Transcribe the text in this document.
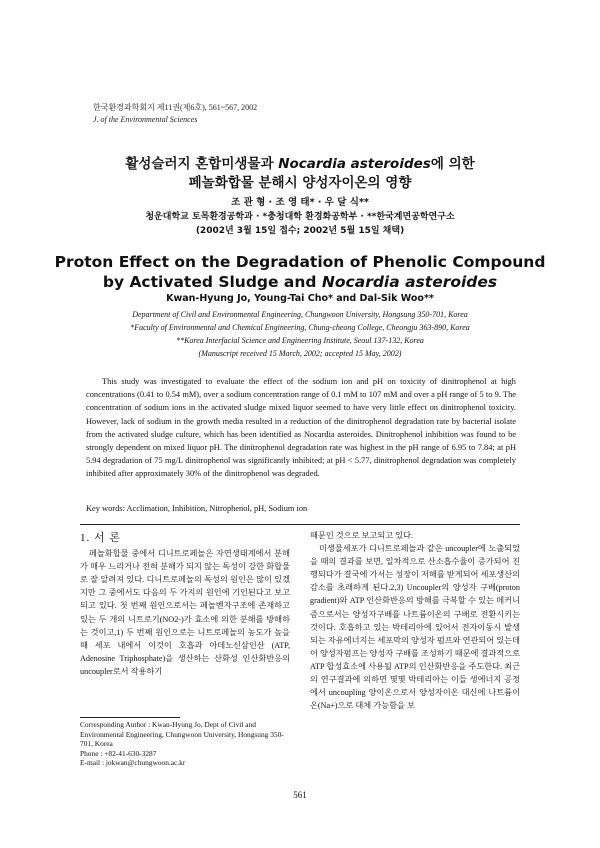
한국환경과학회지 제11권(제6호), 561~567, 2002
J. of the Environmental Sciences
활성슬러지 혼합미생물과 Nocardia asteroides에 의한
페놀화합물 분해시 양성자이온의 영향
조 관 형 · 조 영 태* · 우 달 식**
청운대학교 토목환경공학과 · *충청대학 환경화공학부 · **한국계면공학연구소
(2002년 3월 15일 접수; 2002년 5월 15일 채택)
Proton Effect on the Degradation of Phenolic Compound
by Activated Sludge and Nocardia asteroides
Kwan-Hyung Jo, Young-Tai Cho* and Dal-Sik Woo**
Department of Civil and Environmental Engineering, Chungwoon University, Hongsung 350-701, Korea
*Faculty of Environmental and Chemical Engineering, Chung-cheong College, Cheongju 363-890, Korea
**Korea Interfacial Science and Engineering Institute, Seoul 137-132, Korea
(Manuscript received 15 March, 2002; accepted 15 May, 2002)

This study was investigated to evaluate the effect of the sodium ion and pH on toxicity of dinitrophenol at high concentrations (0.41 to 0.54 mM), over a sodium concentration range of 0.1 mM to 107 mM and over a pH range of 5 to 9. The concentration of sodium ions in the activated sludge mixed liquor seemed to have very little effect on dinitrophenol toxicity. However, lack of sodium in the growth media resulted in a reduction of the dinitrophenol degradation rate by bacterial isolate from the activated sludge culture, which has been identified as Nocardia asteroides. Dinitrophenol inhibition was found to be strongly dependent on mixed liquor pH. The dinitrophenol degradation rate was highest in the pH range of 6.95 to 7.84; at pH 5.94 degradation of 75 mg/L dinitrophenol was significantly inhibited; at pH < 5.77, dinitrophenol degradation was completely inhibited after approximately 30% of the dinitrophenol was degraded.

Key words: Acclimation, Inhibition, Nitrophenol, pH, Sodium ion

1. 서 론

페놀화합물 중에서 디니트로페놀은 자연생태계에서 분해가 매우 느리거나 전혀 분해가 되지 않는 독성이 강한 화합물로 잘 알려져 있다. 디니트로페놀의 독성의 원인은 많이 있겠지만 그 중에서도 다음의 두 가지의 원인에 기인된다고 보고되고 있다. 첫 번째 원인으로서는 페놀벤자구조에 존재하고 있는 두 개의 니트로기(NO2-)가 효소에 의한 분해를 방해하는 것이고,1) 두 번째 원인으로는 니트로페놀의 농도가 높을 때 세포 내에서 이것이 호흡과 아데노신삼인산 (ATP, Adenosine Triphosphate)을 생산하는 산화성 인산화반응의 uncoupler로서 작용하기

때문인 것으로 보고되고 있다.

미생물세포가 디니트로페놀과 같은 uncoupler에 노출되었을 때의 결과를 보면, 일차적으로 산소흡수율이 증가되어 진행되다가 결국에 가서는 성장이 저해를 받게되어 세포생산의 감소를 초래하게 된다.2,3) Uncoupler의 양성자 구배(proton gradient)와 ATP 인산화반응의 방해를 극복할 수 있는 메커니즘으로서는 양성자구배를 나트륨이온의 구배로 전환시키는 것이다. 호흡하고 있는 박테리아에 있어서 전자이동시 발생되는 자유에너지는 세포막의 양성자 펌프와 연관되어 있는데 이 양성자펌프는 양성자 구배를 조성하기 때문에 결과적으로 ATP 합성효소에 사용될 ATP의 인산화반응을 주도한다. 최근의 연구결과에 의하면 몇몇 박테리아는 이들 생에너지 공정에서 uncoupling 양이온으로서 양성자이온 대신에 나트륨이온(Na+)으로 대체 가능함을 보

Corresponding Author : Kwan-Hyung Jo, Dept of Civil and Environmental Engineering, Chungwoon University, Hongsung 350-701, Korea
Phone : +82-41-630-3287
E-mail : jokwan@chungwoon.ac.kr
561
